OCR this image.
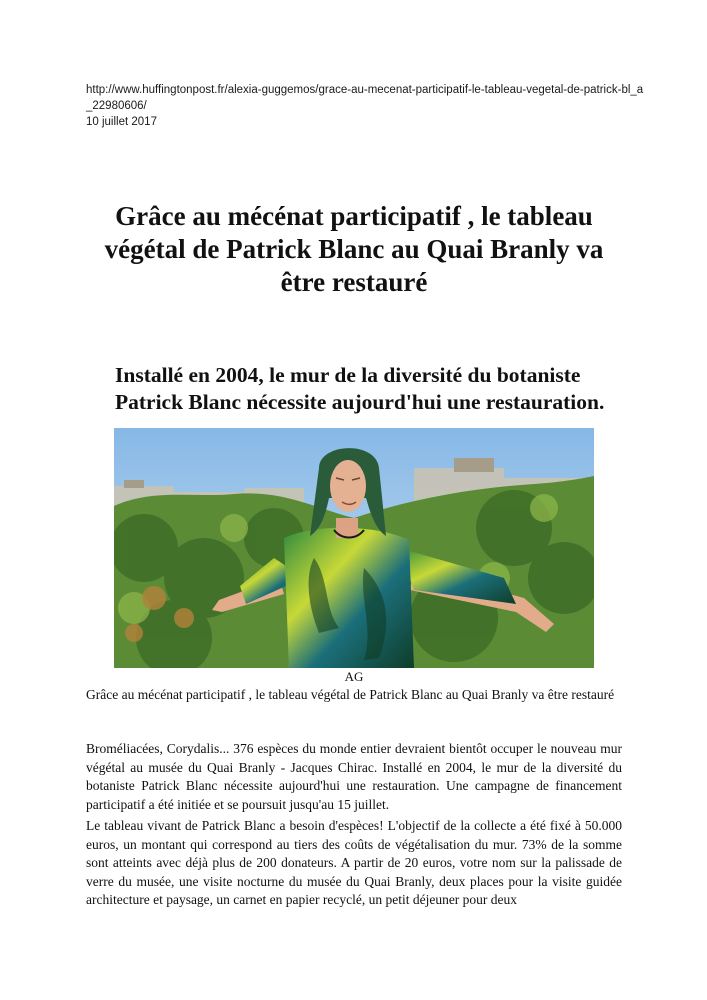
http://www.huffingtonpost.fr/alexia-guggemos/grace-au-mecenat-participatif-le-tableau-vegetal-de-patrick-bl_a_22980606/
10 juillet 2017
Grâce au mécénat participatif , le tableau végétal de Patrick Blanc au Quai Branly va être restauré
Installé en 2004, le mur de la diversité du botaniste Patrick Blanc nécessite aujourd'hui une restauration.
AG
Grâce au mécénat participatif , le tableau végétal de Patrick Blanc au Quai Branly va être restauré

Broméliacées, Corydalis... 376 espèces du monde entier devraient bientôt occuper le nouveau mur végétal au musée du Quai Branly - Jacques Chirac. Installé en 2004, le mur de la diversité du botaniste Patrick Blanc nécessite aujourd'hui une restauration. Une campagne de financement participatif a été initiée et se poursuit jusqu'au 15 juillet.

Le tableau vivant de Patrick Blanc a besoin d'espèces! L'objectif de la collecte a été fixé à 50.000 euros, un montant qui correspond au tiers des coûts de végétalisation du mur. 73% de la somme sont atteints avec déjà plus de 200 donateurs. A partir de 20 euros, votre nom sur la palissade de verre du musée, une visite nocturne du musée du Quai Branly, deux places pour la visite guidée architecture et paysage, un carnet en papier recyclé, un petit déjeuner pour deux
